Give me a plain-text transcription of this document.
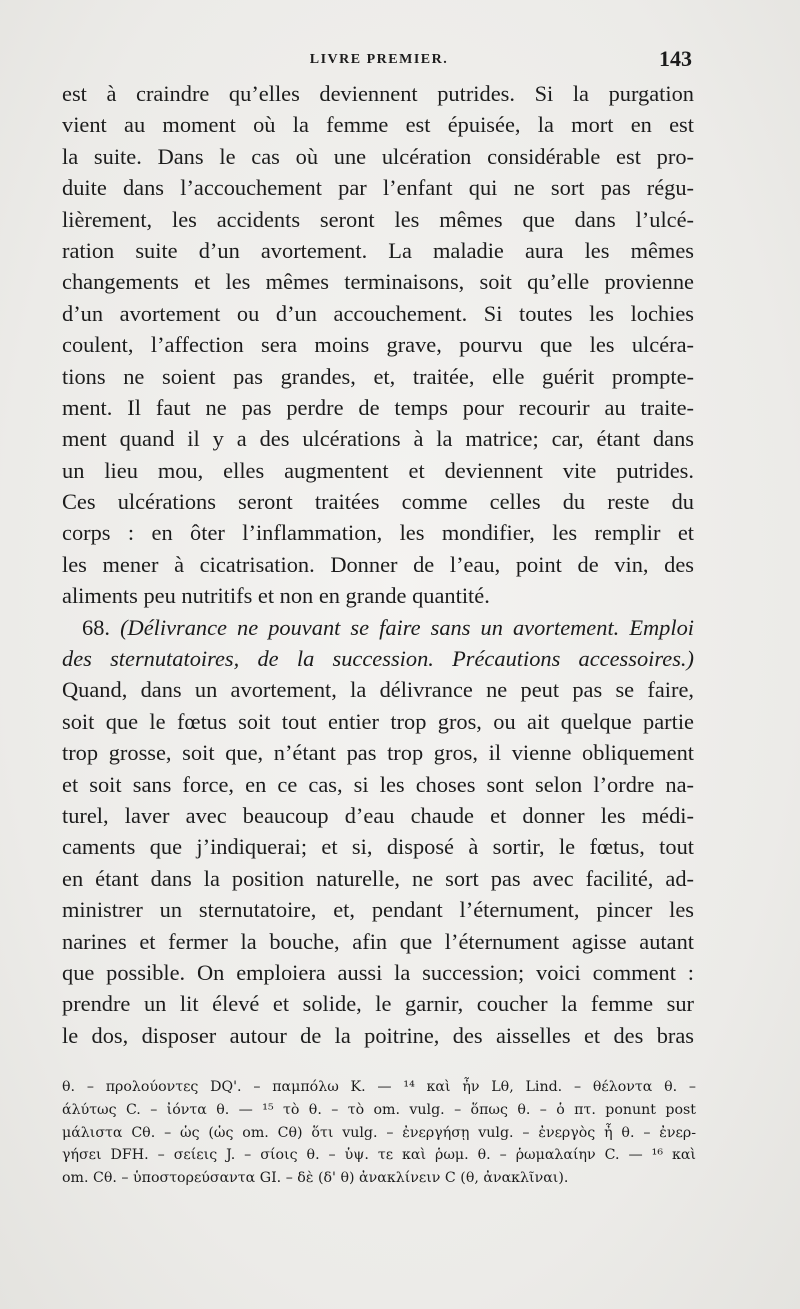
LIVRE PREMIER.	143
est à craindre qu’elles deviennent putrides. Si la purgation
vient au moment où la femme est épuisée, la mort en est
la suite. Dans le cas où une ulcération considérable est pro-
duite dans l’accouchement par l’enfant qui ne sort pas régu-
lièrement, les accidents seront les mêmes que dans l’ulcé-
ration suite d’un avortement. La maladie aura les mêmes
changements et les mêmes terminaisons, soit qu’elle provienne
d’un avortement ou d’un accouchement. Si toutes les lochies
coulent, l’affection sera moins grave, pourvu que les ulcéra-
tions ne soient pas grandes, et, traitée, elle guérit prompte-
ment. Il faut ne pas perdre de temps pour recourir au traite-
ment quand il y a des ulcérations à la matrice; car, étant dans
un lieu mou, elles augmentent et deviennent vite putrides.
Ces ulcérations seront traitées comme celles du reste du
corps : en ôter l’inflammation, les mondifier, les remplir et
les mener à cicatrisation. Donner de l’eau, point de vin, des
aliments peu nutritifs et non en grande quantité.
68. (Délivrance ne pouvant se faire sans un avortement. Emploi
des sternutatoires, de la succession. Précautions accessoires.)
Quand, dans un avortement, la délivrance ne peut pas se faire,
soit que le fœtus soit tout entier trop gros, ou ait quelque partie
trop grosse, soit que, n’étant pas trop gros, il vienne obliquement
et soit sans force, en ce cas, si les choses sont selon l’ordre na-
turel, laver avec beaucoup d’eau chaude et donner les médi-
caments que j’indiquerai; et si, disposé à sortir, le fœtus, tout
en étant dans la position naturelle, ne sort pas avec facilité, ad-
ministrer un sternutatoire, et, pendant l’éternument, pincer les
narines et fermer la bouche, afin que l’éternument agisse autant
que possible. On emploiera aussi la succession; voici comment :
prendre un lit élevé et solide, le garnir, coucher la femme sur
le dos, disposer autour de la poitrine, des aisselles et des bras
θ. – προλούοντες DQ'. – παμπόλω K. — ¹⁴ καὶ ἦν Lθ, Lind. – θέλοντα θ. –
άλύτως C. – ἰόντα θ. — ¹⁵ τὸ θ. – τὸ om. vulg. – ὅπως θ. – ὁ πτ. ponunt post
μάλιστα Cθ. – ὡς (ὡς om. Cθ) ὅτι vulg. – ἐνεργήσῃ vulg. – ἐνεργὸς ἦ θ. – ἐνερ-
γήσει DFH. – σείεις J. – σίοις θ. – ὑψ. τε καὶ ῥωμ. θ. – ῥωμαλαίην C. — ¹⁶ καὶ
om. Cθ. – ὑποστορεύσαντα GI. – δὲ (δ' θ) ἀνακλίνειν C (θ, ἀνακλῖναι).
